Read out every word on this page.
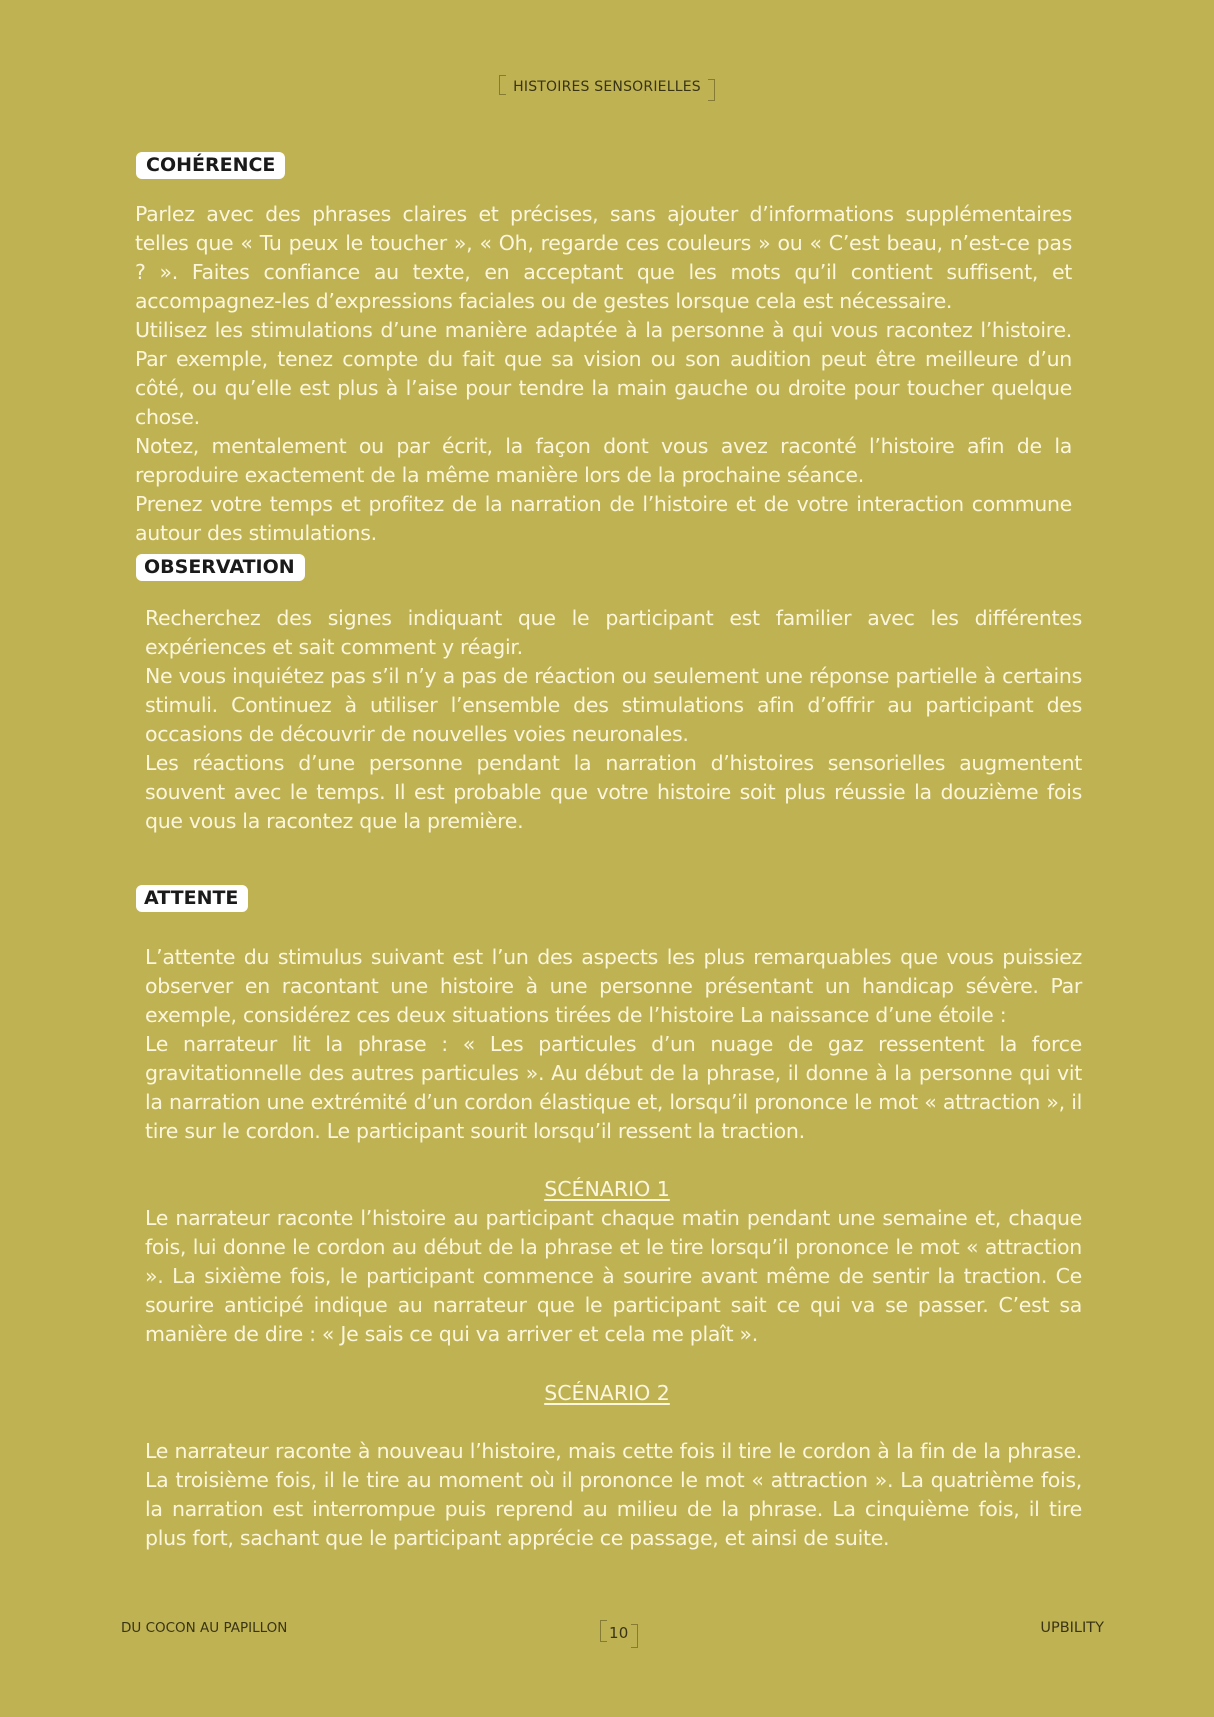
HISTOIRES SENSORIELLES
COHÉRENCE

Parlez avec des phrases claires et précises, sans ajouter d’informations supplémentaires telles que « Tu peux le toucher », « Oh, regarde ces couleurs » ou « C’est beau, n’est-ce pas ? ». Faites confiance au texte, en acceptant que les mots qu’il contient suffisent, et accompagnez-les d’expressions faciales ou de gestes lorsque cela est nécessaire.

Utilisez les stimulations d’une manière adaptée à la personne à qui vous racontez l’histoire. Par exemple, tenez compte du fait que sa vision ou son audition peut être meilleure d’un côté, ou qu’elle est plus à l’aise pour tendre la main gauche ou droite pour toucher quelque chose.

Notez, mentalement ou par écrit, la façon dont vous avez raconté l’histoire afin de la reproduire exactement de la même manière lors de la prochaine séance.

Prenez votre temps et profitez de la narration de l’histoire et de votre interaction commune autour des stimulations.

OBSERVATION

Recherchez des signes indiquant que le participant est familier avec les différentes expériences et sait comment y réagir.

Ne vous inquiétez pas s’il n’y a pas de réaction ou seulement une réponse partielle à certains stimuli. Continuez à utiliser l’ensemble des stimulations afin d’offrir au participant des occasions de découvrir de nouvelles voies neuronales.

Les réactions d’une personne pendant la narration d’histoires sensorielles augmentent souvent avec le temps. Il est probable que votre histoire soit plus réussie la douzième fois que vous la racontez que la première.

ATTENTE

L’attente du stimulus suivant est l’un des aspects les plus remarquables que vous puissiez observer en racontant une histoire à une personne présentant un handicap sévère. Par exemple, considérez ces deux situations tirées de l’histoire La naissance d’une étoile :

Le narrateur lit la phrase : « Les particules d’un nuage de gaz ressentent la force gravitationnelle des autres particules ». Au début de la phrase, il donne à la personne qui vit la narration une extrémité d’un cordon élastique et, lorsqu’il prononce le mot « attraction », il tire sur le cordon. Le participant sourit lorsqu’il ressent la traction.

SCÉNARIO 1

Le narrateur raconte l’histoire au participant chaque matin pendant une semaine et, chaque fois, lui donne le cordon au début de la phrase et le tire lorsqu’il prononce le mot « attraction ». La sixième fois, le participant commence à sourire avant même de sentir la traction. Ce sourire anticipé indique au narrateur que le participant sait ce qui va se passer. C’est sa manière de dire : « Je sais ce qui va arriver et cela me plaît ».

SCÉNARIO 2

Le narrateur raconte à nouveau l’histoire, mais cette fois il tire le cordon à la fin de la phrase. La troisième fois, il le tire au moment où il prononce le mot « attraction ». La quatrième fois, la narration est interrompue puis reprend au milieu de la phrase. La cinquième fois, il tire plus fort, sachant que le participant apprécie ce passage, et ainsi de suite.

DU COCON AU PAPILLON	10	UPBILITY
